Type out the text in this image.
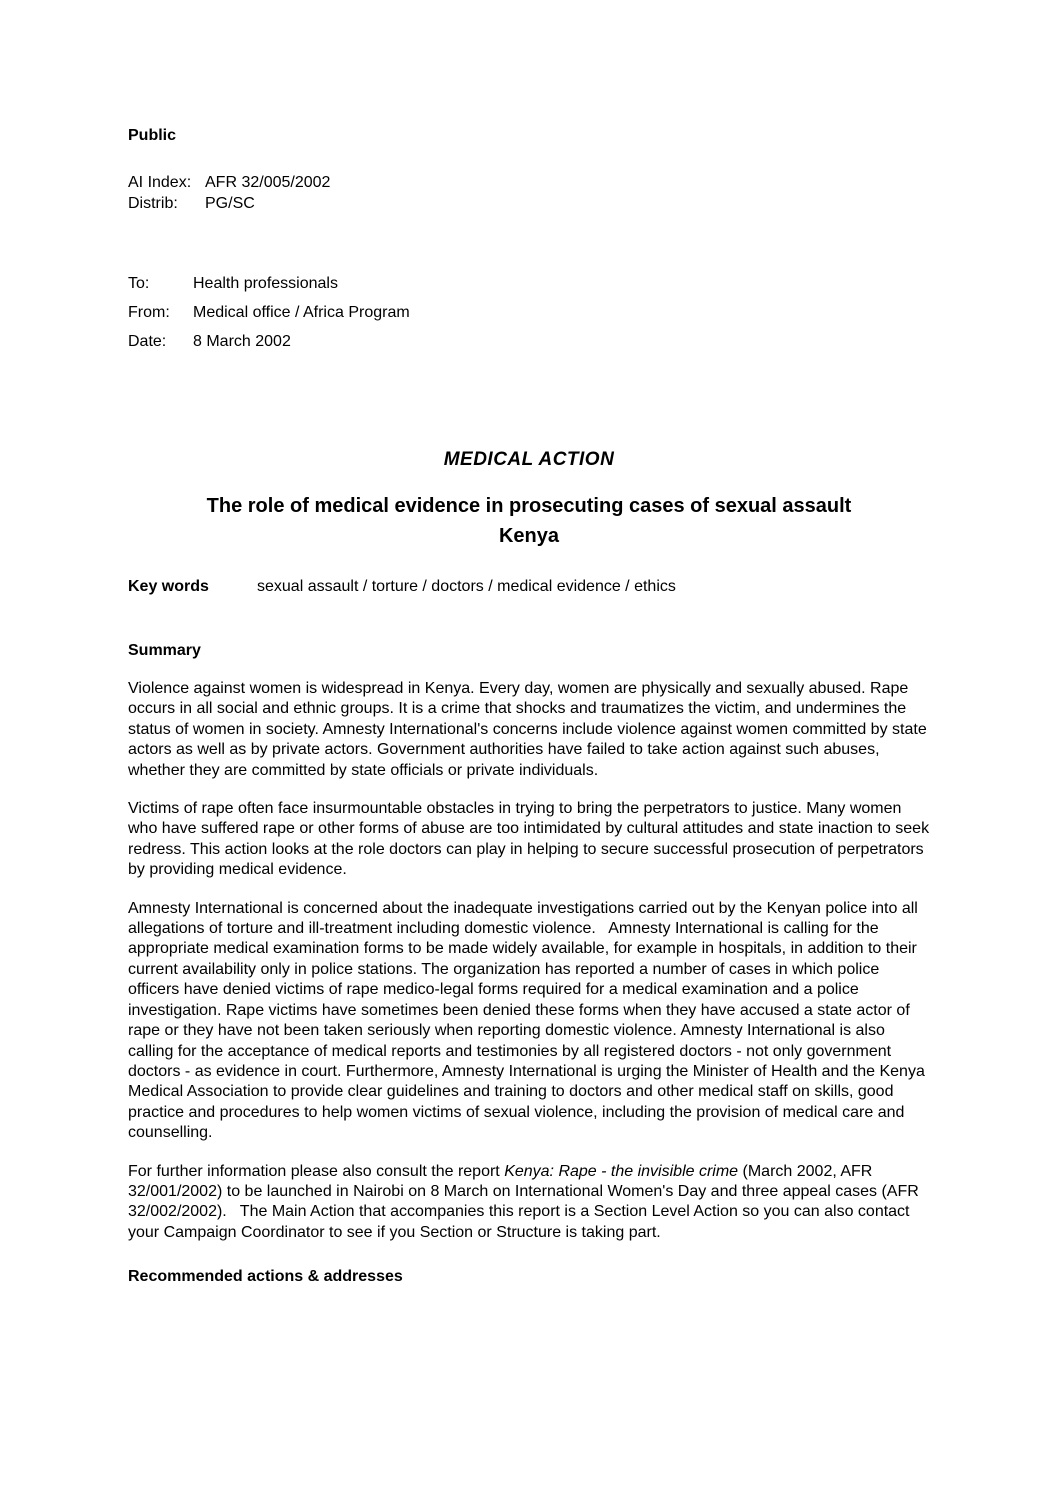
Public

AI Index: AFR 32/005/2002
Distrib:	PG/SC
To:	Health professionals
From:	Medical office / Africa Program
Date:	8 March 2002
MEDICAL ACTION
The role of medical evidence in prosecuting cases of sexual assault
Kenya
Key words	sexual assault / torture / doctors / medical evidence / ethics
Summary

Violence against women is widespread in Kenya. Every day, women are physically and sexually abused. Rape occurs in all social and ethnic groups. It is a crime that shocks and traumatizes the victim, and undermines the status of women in society. Amnesty International's concerns include violence against women committed by state actors as well as by private actors. Government authorities have failed to take action against such abuses, whether they are committed by state officials or private individuals.

Victims of rape often face insurmountable obstacles in trying to bring the perpetrators to justice. Many women who have suffered rape or other forms of abuse are too intimidated by cultural attitudes and state inaction to seek redress. This action looks at the role doctors can play in helping to secure successful prosecution of perpetrators by providing medical evidence.

Amnesty International is concerned about the inadequate investigations carried out by the Kenyan police into all allegations of torture and ill-treatment including domestic violence.   Amnesty International is calling for the appropriate medical examination forms to be made widely available, for example in hospitals, in addition to their current availability only in police stations. The organization has reported a number of cases in which police officers have denied victims of rape medico-legal forms required for a medical examination and a police investigation. Rape victims have sometimes been denied these forms when they have accused a state actor of rape or they have not been taken seriously when reporting domestic violence. Amnesty International is also calling for the acceptance of medical reports and testimonies by all registered doctors - not only government doctors - as evidence in court. Furthermore, Amnesty International is urging the Minister of Health and the Kenya Medical Association to provide clear guidelines and training to doctors and other medical staff on skills, good practice and procedures to help women victims of sexual violence, including the provision of medical care and counselling.

For further information please also consult the report Kenya: Rape - the invisible crime (March 2002, AFR 32/001/2002) to be launched in Nairobi on 8 March on International Women's Day and three appeal cases (AFR 32/002/2002).   The Main Action that accompanies this report is a Section Level Action so you can also contact your Campaign Coordinator to see if you Section or Structure is taking part.

Recommended actions & addresses
